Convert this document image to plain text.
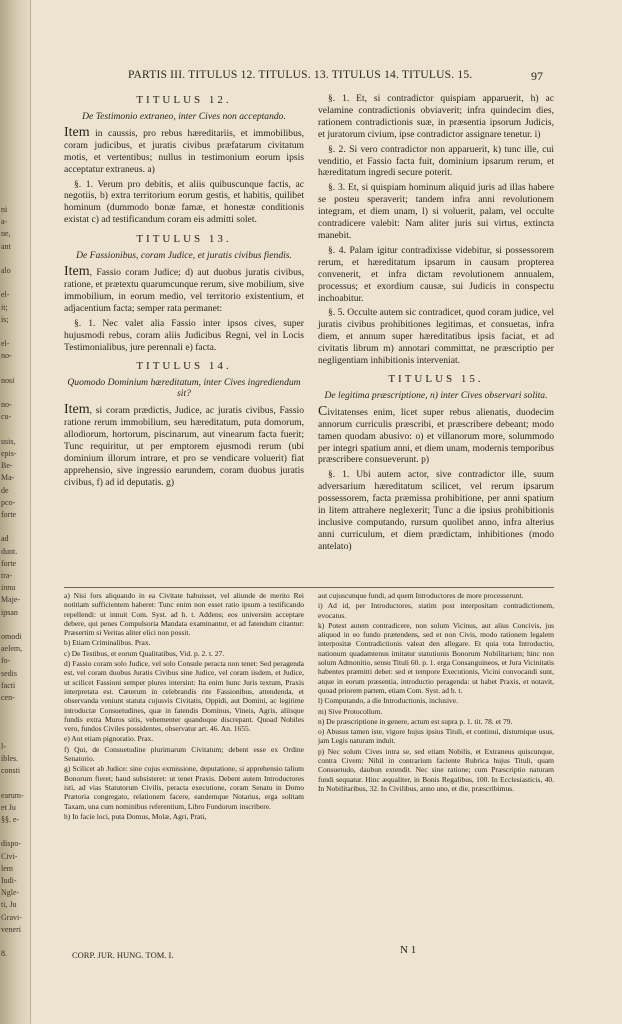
ni
a-
ne,
ant
alo
el-
it;
is;
el-
no-
nosi
no-
cu-
usis,
epis-
Be-
Ma-
de
pco-
forte
ad
dunt.
forte
tra-
innu
Maje-
ipsan
omodi
aelem,
fo-
sedis
facti
cen-
l-
ibles.
consti
earum-
et Ju
§§. e-
dispo-
Civi-
lem
Iudi-
Ngle-
ti, Ju
Gravi-
veneri
8.
PARTIS III. TITULUS 12. TITULUS. 13. TITULUS 14. TITULUS. 15.	97
TITULUS 12.
De Testimonio extraneo, inter Cives non acceptando.
Item in caussis, pro rebus hæreditariis, et immobilibus, coram judicibus, et juratis civibus præfatarum civitatum motis, et vertentibus; nullus in testimonium eorum ipsis acceptatur extraneus. a)
§. 1. Verum pro debitis, et aliis quibuscunque factis, ac negotiis, b) extra territorium eorum gestis, et habitis, quilibet hominum (dummodo bonæ famæ, et honestæ conditionis existat c) ad testificandum coram eis admitti solet.
TITULUS 13.
De Fassionibus, coram Judice, et juratis civibus fiendis.
Item, Fassio coram Judice; d) aut duobus juratis civibus, ratione, et prætextu quarumcunque rerum, sive mobilium, sive immobilium, in eorum medio, vel territorio existentium, et adjacentium facta; semper rata permanet:
§. 1. Nec valet alia Fassio inter ipsos cives, super hujusmodi rebus, coram aliis Judicibus Regni, vel in Locis Testimonialibus, jure perennali e) facta.
TITULUS 14.
Quomodo Dominium hæreditatum, inter Cives ingrediendum sit?
Item, si coram prædictis, Judice, ac juratis civibus, Fassio ratione rerum immobilium, seu hæreditatum, puta domorum, allodiorum, hortorum, piscinarum, aut vinearum facta fuerit; Tunc requiritur, ut per emptorem ejusmodi rerum (ubi dominium illorum intrare, et pro se vendicare voluerit) fiat apprehensio, sive ingressio earundem, coram duobus juratis civibus, f) ad id deputatis. g)
§. 1. Et, si contradictor quispiam apparuerit, h) ac velamine contradictionis obviaverit; infra quindecim dies, rationem contradictionis suæ, in præsentia ipsorum Judicis, et juratorum civium, ipse contradictor assignare tenetur. i)
§. 2. Si vero contradictor non apparuerit, k) tunc ille, cui venditio, et Fassio facta fuit, dominium ipsarum rerum, et hæreditatum ingredi secure poterit.
§. 3. Et, si quispiam hominum aliquid juris ad illas habere se posteu speraverit; tandem infra anni revolutionem integram, et diem unam, l) si voluerit, palam, vel occulte contradicere valebit: Nam aliter juris sui virtus, extincta manebit.
§. 4. Palam igitur contradixisse videbitur, si possessorem rerum, et hæreditatum ipsarum in causam propterea convenerit, et infra dictam revolutionem annualem, processus; et exordium causæ, sui Judicis in conspectu inchoabitur.
§. 5. Occulte autem sic contradicet, quod coram judice, vel juratis civibus prohibitiones legitimas, et consuetas, infra diem, et annum super hæreditatibus ipsis faciat, et ad civitatis librum m) annotari committat, ne præscriptio per negligentiam inhibitionis interveniat.
TITULUS 15.
De legitima præscriptione, n) inter Cives observari solita.
Civitatenses enim, licet super rebus alienatis, duodecim annorum curriculis præscribi, et præscribere debeant; modo tamen quodam abusivo: o) et villanorum more, solummodo per integri spatium anni, et diem unam, modernis temporibus præscribere consueverunt. p)
§. 1. Ubi autem actor, sive contradictor ille, suum adversarium hæreditatum scilicet, vel rerum ipsarum possessorem, facta præmissa prohibitione, per anni spatium in litem attrahere neglexerit; Tunc a die ipsius prohibitionis inclusive computando, rursum quolibet anno, infra alterius anni curriculum, et diem prædictam, inhibitiones (modo antelato)
a) Nisi fors aliquando in ea Civitate habuisset, vel aliunde de merito Rei notitiam sufficientem haberet: Tunc enim non esset ratio ipsum a testificando repellendi: ut innuit Com. Syst. ad h. t. Addens; eos universim acceptare debere, qui penes Compulsoria Mandata examinantur, et ad fatendum citantur: Præsertim si Veritas aliter elici non possit.
b) Etiam Criminalibus. Prax.
c) De Testibus, et eorum Qualitatibus, Vid. p. 2. t. 27.
d) Fassio coram solo Judice, vel solo Consule peracta non tenet: Sed peragenda est, vel coram duobus Juratis Civibus sine Judice, vel coram iisdem, et Judice, ut scilicet Fassioni semper plures intersint: Ita enim hunc Juris textum, Praxis interpretata est. Cæterum in celebrandis rite Fassionibus, attendenda, et observanda veniunt statuta cujusvis Civitatis, Oppidi, aut Domini, ac legitime introductæ Consuetudines, quæ in fatendis Dominus, Vineis, Agris, aliisque fundis extra Muros sitis, vehementer quandoque discrepant. Quoad Nobiles vero, fundos Civiles possidentes, observatur art. 46. An. 1655.
e) Aut etiam pignoratio. Prax.
f) Qui, de Consuetudine plurimarum Civitatum; debent esse ex Ordine Senatorio.
g) Scilicet ab Judice: sine cujus exmissione, deputatione, si apprehensio talium Bonorum fieret; haud subsisteret: ut tenet Praxis. Debent autem Introductores isti, ad vias Statutorum Civilis, peracta executione, coram Senatu in Domo Prætoria congregato, relationem facere, eandemque Notarius, erga solitam Taxam, una cum nominibus referentium, Libro Fundorum inscribere.
h) In facie loci, puta Domus, Molæ, Agri, Prati,
aut cujuscunque fundi, ad quem Introductores de more processerunt.
i) Ad id, per Introductores, statim post interpositam contradictionem, evocatus.
k) Potest autem contradicere, non solum Vicinus, aut alius Concivis, jus aliquod in eo fundo prætendens, sed et non Civis, modo rationem legalem interpositæ Contradictionis valeat den allegare. Et quia tota Introductio, nationum quadamtenus imitatur statutionis Bonorum Nobilitarium; hinc non solum Admonitio, sensu Tituli 60. p. 1. erga Consanguineos, et Jura Vicinitatis habentes præmitti debet: sed et tempore Executionis, Vicini convocandi sunt, atque in eorum præsentia, introductio peragenda: ut habet Praxis, et notavit, quoad priorem partem, etiam Com. Syst. ad h. t.
l) Computando, a die Introductionis, inclusive.
m) Sive Protocollum.
n) De præscriptione in genere, actum est supra p. 1. tit. 78. et 79.
o) Abusus tamen iste, vigore hujus ipsius Tituli, et continui, disturnique usus, jam Legis naturam induit.
p) Nec solum Cives intra se, sed etiam Nobilis, et Extraneus quiscunque, contra Civem: Nihil in contrarium faciente Rubrica hujus Tituli, quam Consuetudo, daubun extendit. Nec sine ratione; cum Præscriptio naturam fundi sequatur. Hinc æqualiter, in Bonis Regalibus, 100. In Ecclesiasticis, 40. In Nobilitaribus, 32. In Civilibus, anno uno, et die, præscribimus.
CORP. JUR. HUNG. TOM. I.	N 1
